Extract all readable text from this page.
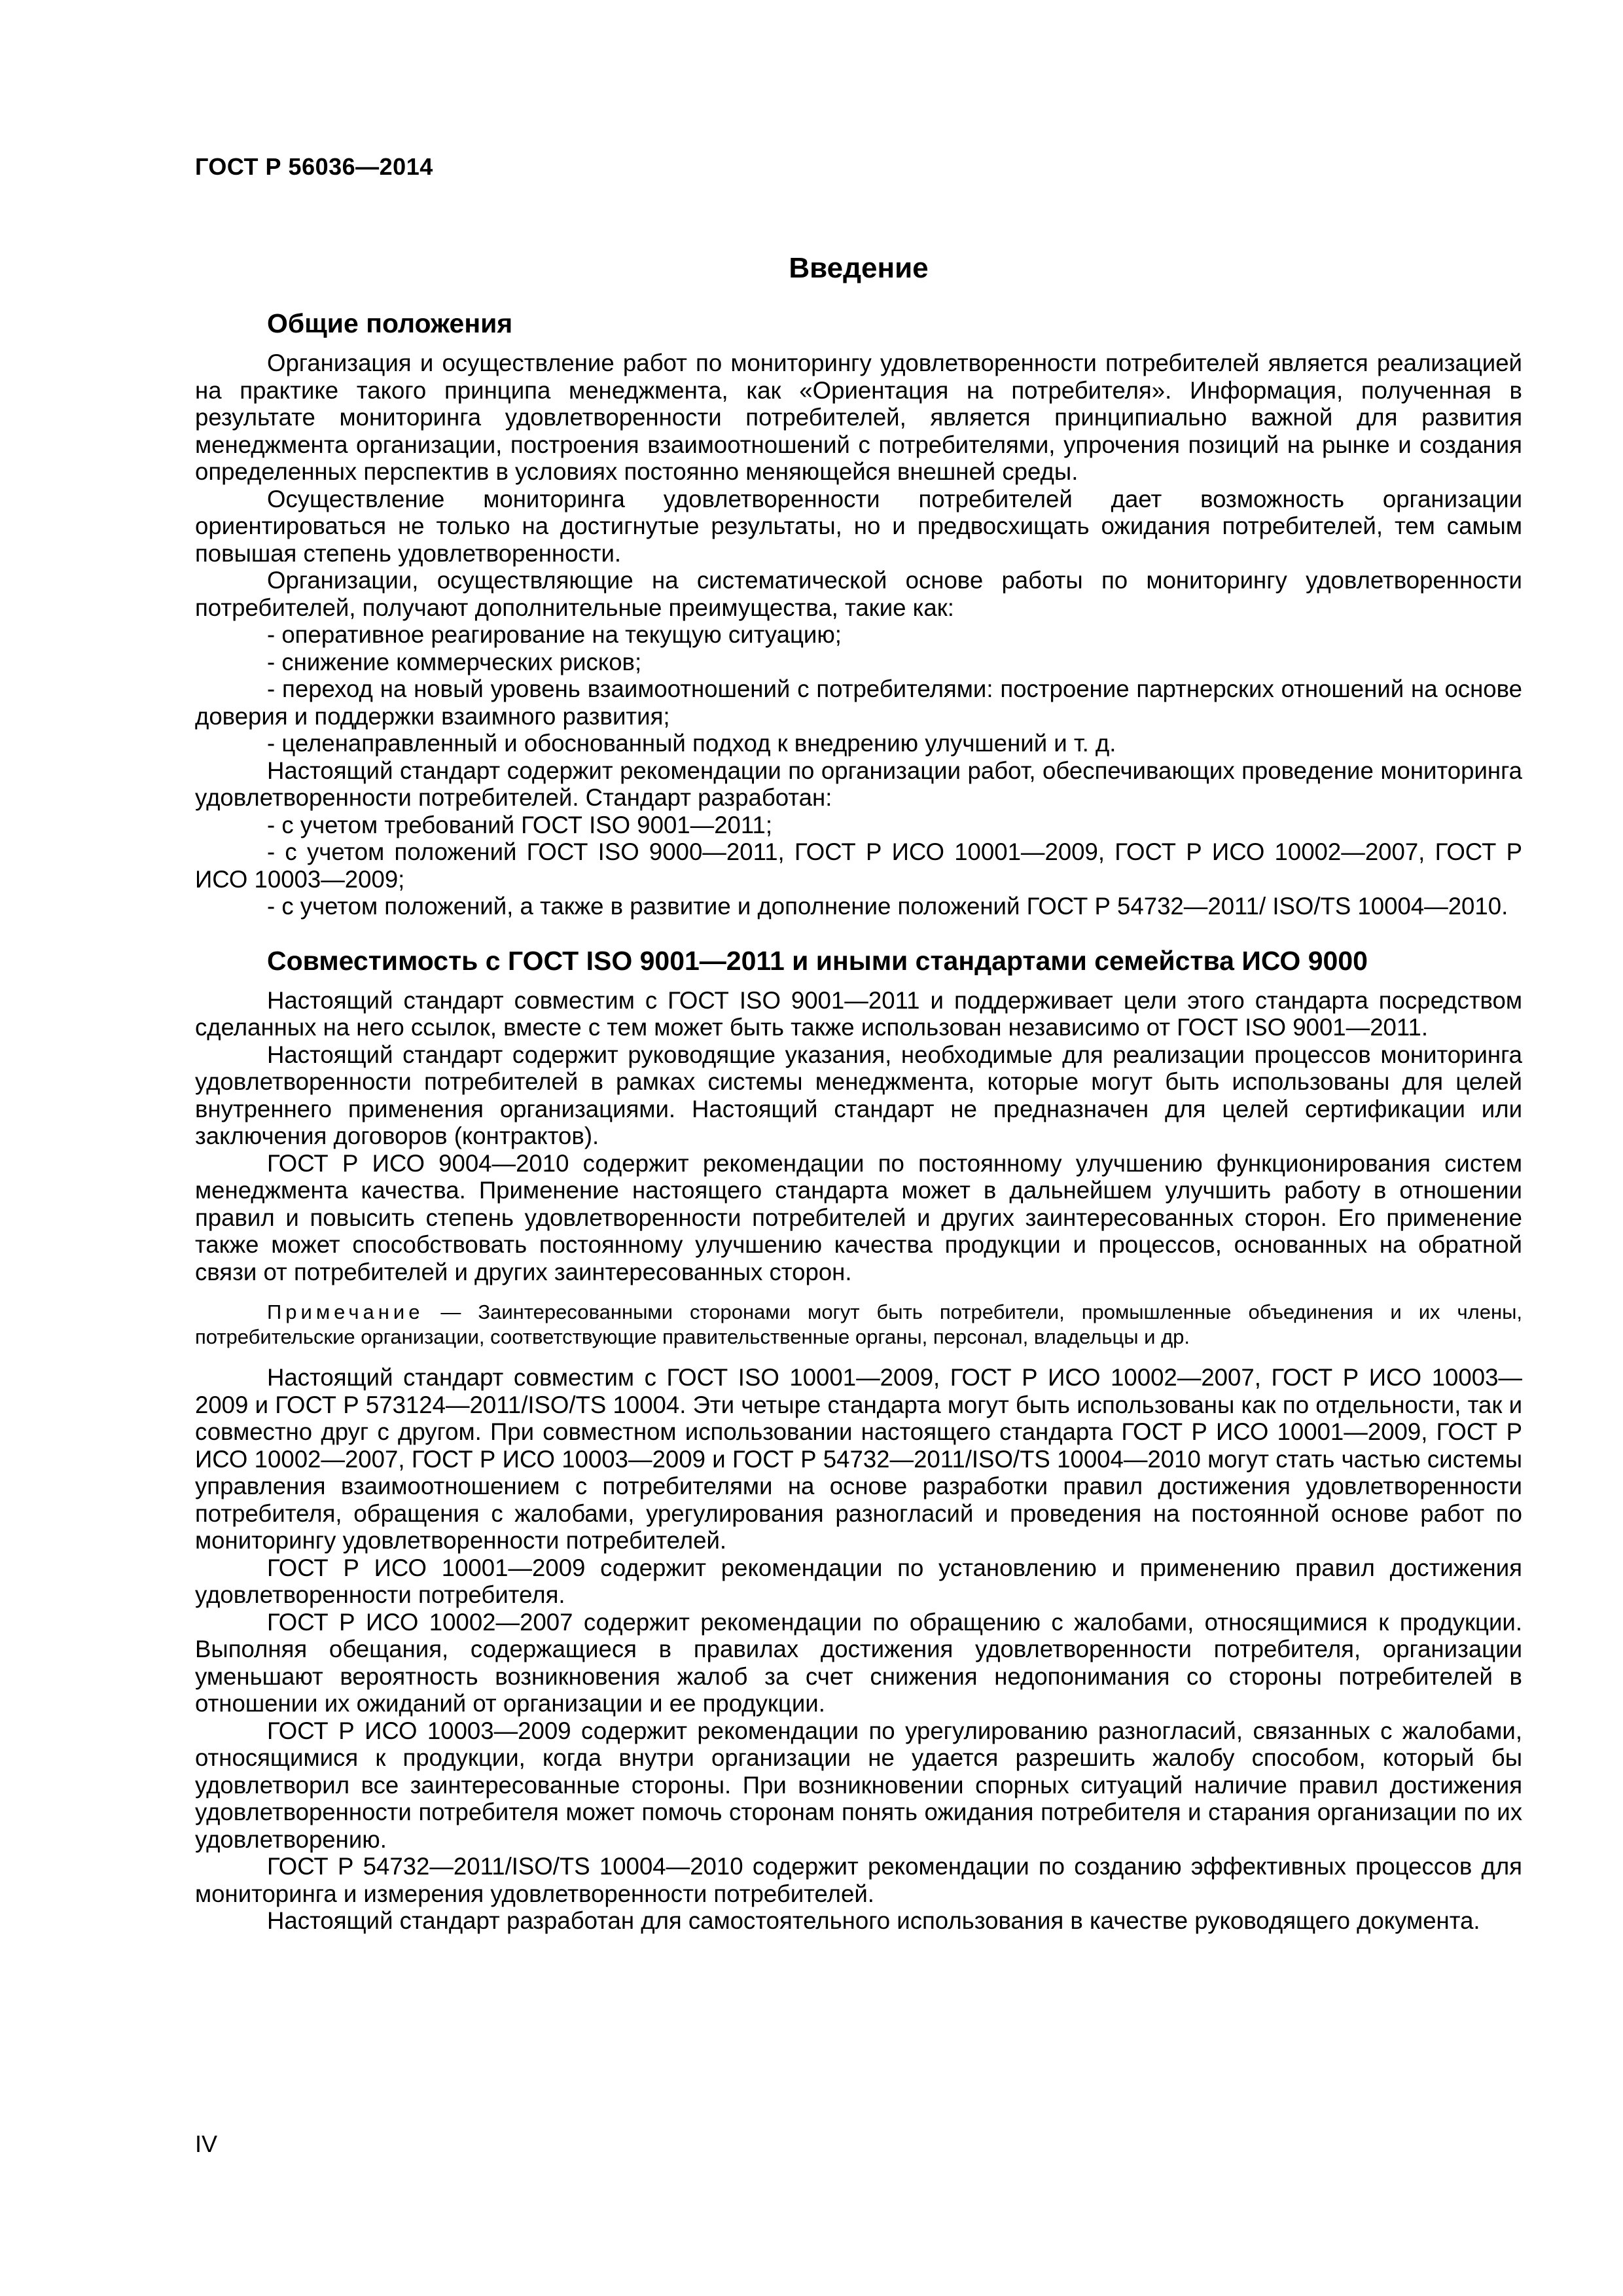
ГОСТ Р 56036—2014
Введение
Общие положения

Организация и осуществление работ по мониторингу удовлетворенности потребителей является реализацией на практике такого принципа менеджмента, как «Ориентация на потребителя». Информация, полученная в результате мониторинга удовлетворенности потребителей, является принципиально важной для развития менеджмента организации, построения взаимоотношений с потребителями, упрочения позиций на рынке и создания определенных перспектив в условиях постоянно меняющейся внешней среды.

Осуществление мониторинга удовлетворенности потребителей дает возможность организации ориентироваться не только на достигнутые результаты, но и предвосхищать ожидания потребителей, тем самым повышая степень удовлетворенности.

Организации, осуществляющие на систематической основе работы по мониторингу удовлетворенности потребителей, получают дополнительные преимущества, такие как:

- оперативное реагирование на текущую ситуацию;

- снижение коммерческих рисков;

- переход на новый уровень взаимоотношений с потребителями: построение партнерских отношений на основе доверия и поддержки взаимного развития;

- целенаправленный и обоснованный подход к внедрению улучшений и т. д.

Настоящий стандарт содержит рекомендации по организации работ, обеспечивающих проведение мониторинга удовлетворенности потребителей. Стандарт разработан:

- с учетом требований ГОСТ ISO 9001—2011;

- с учетом положений ГОСТ ISO 9000—2011, ГОСТ Р ИСО 10001—2009, ГОСТ Р ИСО 10002—2007, ГОСТ Р ИСО 10003—2009;

- с учетом положений, а также в развитие и дополнение положений ГОСТ Р 54732—2011/ ISO/TS 10004—2010.

Совместимость с ГОСТ ISO 9001—2011 и иными стандартами семейства ИСО 9000

Настоящий стандарт совместим с ГОСТ ISO 9001—2011 и поддерживает цели этого стандарта посредством сделанных на него ссылок, вместе с тем может быть также использован независимо от ГОСТ ISO 9001—2011.

Настоящий стандарт содержит руководящие указания, необходимые для реализации процессов мониторинга удовлетворенности потребителей в рамках системы менеджмента, которые могут быть использованы для целей внутреннего применения организациями. Настоящий стандарт не предназначен для целей сертификации или заключения договоров (контрактов).

ГОСТ Р ИСО 9004—2010 содержит рекомендации по постоянному улучшению функционирования систем менеджмента качества. Применение настоящего стандарта может в дальнейшем улучшить работу в отношении правил и повысить степень удовлетворенности потребителей и других заинтересованных сторон. Его применение также может способствовать постоянному улучшению качества продукции и процессов, основанных на обратной связи от потребителей и других заинтересованных сторон.

Примечание — Заинтересованными сторонами могут быть потребители, промышленные объединения и их члены, потребительские организации, соответствующие правительственные органы, персонал, владельцы и др.

Настоящий стандарт совместим с ГОСТ ISO 10001—2009, ГОСТ Р ИСО 10002—2007, ГОСТ Р ИСО 10003—2009 и ГОСТ Р 573124—2011/ISO/TS 10004. Эти четыре стандарта могут быть использованы как по отдельности, так и совместно друг с другом. При совместном использовании настоящего стандарта ГОСТ Р ИСО 10001—2009, ГОСТ Р ИСО 10002—2007, ГОСТ Р ИСО 10003—2009 и ГОСТ Р 54732—2011/ISO/TS 10004—2010 могут стать частью системы управления взаимоотношением с потребителями на основе разработки правил достижения удовлетворенности потребителя, обращения с жалобами, урегулирования разногласий и проведения на постоянной основе работ по мониторингу удовлетворенности потребителей.

ГОСТ Р ИСО 10001—2009 содержит рекомендации по установлению и применению правил достижения удовлетворенности потребителя.

ГОСТ Р ИСО 10002—2007 содержит рекомендации по обращению с жалобами, относящимися к продукции. Выполняя обещания, содержащиеся в правилах достижения удовлетворенности потребителя, организации уменьшают вероятность возникновения жалоб за счет снижения недопонимания со стороны потребителей в отношении их ожиданий от организации и ее продукции.

ГОСТ Р ИСО 10003—2009 содержит рекомендации по урегулированию разногласий, связанных с жалобами, относящимися к продукции, когда внутри организации не удается разрешить жалобу способом, который бы удовлетворил все заинтересованные стороны. При возникновении спорных ситуаций наличие правил достижения удовлетворенности потребителя может помочь сторонам понять ожидания потребителя и старания организации по их удовлетворению.

ГОСТ Р 54732—2011/ISO/TS 10004—2010 содержит рекомендации по созданию эффективных процессов для мониторинга и измерения удовлетворенности потребителей.

Настоящий стандарт разработан для самостоятельного использования в качестве руководящего документа.

IV
